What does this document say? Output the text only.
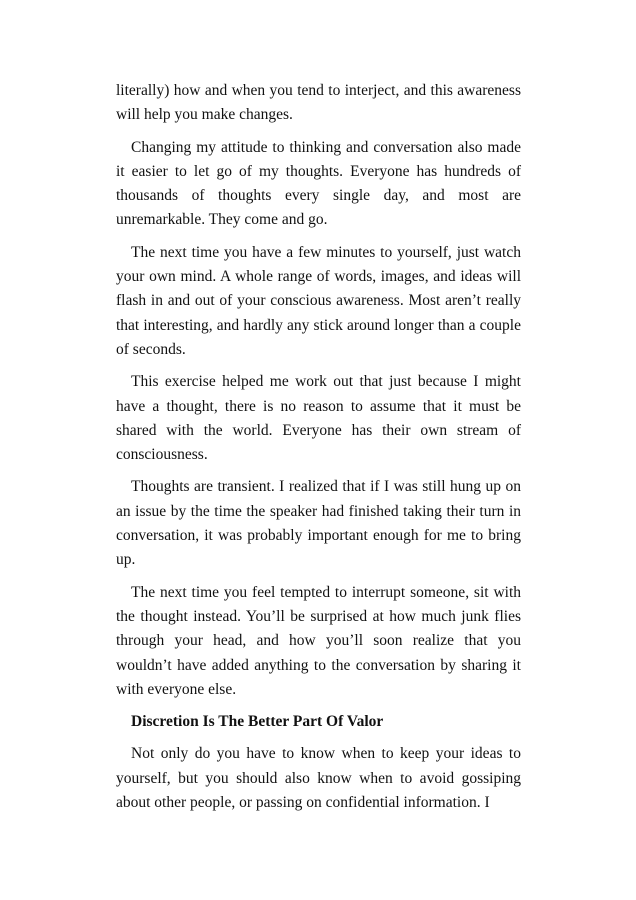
literally) how and when you tend to interject, and this awareness will help you make changes.

Changing my attitude to thinking and conversation also made it easier to let go of my thoughts. Everyone has hundreds of thousands of thoughts every single day, and most are unremarkable. They come and go.

The next time you have a few minutes to yourself, just watch your own mind. A whole range of words, images, and ideas will flash in and out of your conscious awareness. Most aren’t really that interesting, and hardly any stick around longer than a couple of seconds.

This exercise helped me work out that just because I might have a thought, there is no reason to assume that it must be shared with the world. Everyone has their own stream of consciousness.

Thoughts are transient. I realized that if I was still hung up on an issue by the time the speaker had finished taking their turn in conversation, it was probably important enough for me to bring up.

The next time you feel tempted to interrupt someone, sit with the thought instead. You’ll be surprised at how much junk flies through your head, and how you’ll soon realize that you wouldn’t have added anything to the conversation by sharing it with everyone else.

Discretion Is The Better Part Of Valor

Not only do you have to know when to keep your ideas to yourself, but you should also know when to avoid gossiping about other people, or passing on confidential information. I
